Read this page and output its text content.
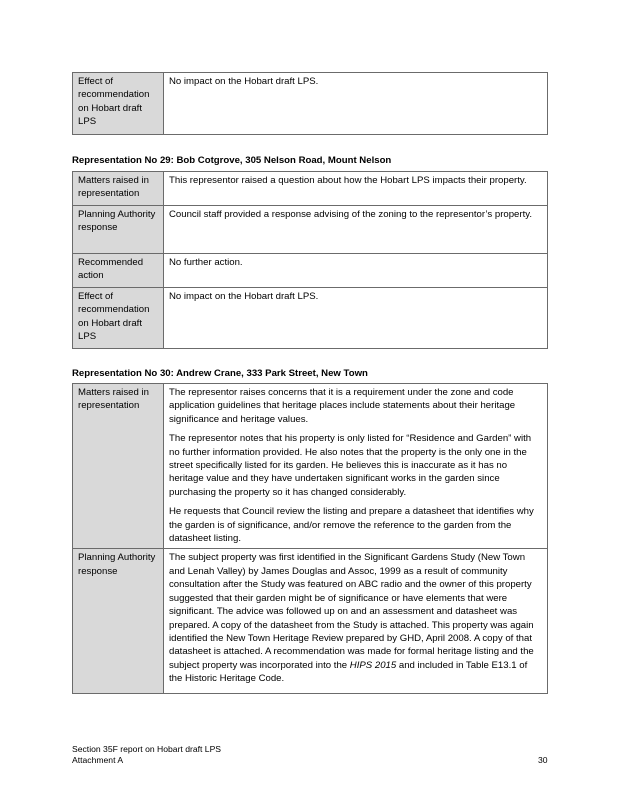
Effect of recommendation on Hobart draft LPS	No impact on the Hobart draft LPS.
Representation No 29: Bob Cotgrove, 305 Nelson Road, Mount Nelson
Matters raised in representation	This representor raised a question about how the Hobart LPS impacts their property.
Planning Authority response	Council staff provided a response advising of the zoning to the representor’s property.
Recommended action	No further action.
Effect of recommendation on Hobart draft LPS	No impact on the Hobart draft LPS.
Representation No 30: Andrew Crane, 333 Park Street, New Town
Matters raised in representation	The representor raises concerns that it is a requirement under the zone and code application guidelines that heritage places include statements about their heritage significance and heritage values.

The representor notes that his property is only listed for “Residence and Garden” with no further information provided. He also notes that the property is the only one in the street specifically listed for its garden. He believes this is inaccurate as it has no heritage value and they have undertaken significant works in the garden since purchasing the property so it has changed considerably.

He requests that Council review the listing and prepare a datasheet that identifies why the garden is of significance, and/or remove the reference to the garden from the datasheet listing.

Planning Authority response	The subject property was first identified in the Significant Gardens Study (New Town and Lenah Valley) by James Douglas and Assoc, 1999 as a result of community consultation after the Study was featured on ABC radio and the owner of this property suggested that their garden might be of significance or have elements that were significant. The advice was followed up on and an assessment and datasheet was prepared. A copy of the datasheet from the Study is attached. This property was again identified the New Town Heritage Review prepared by GHD, April 2008. A copy of that datasheet is attached. A recommendation was made for formal heritage listing and the subject property was incorporated into the HIPS 2015 and included in Table E13.1 of the Historic Heritage Code.
Section 35F report on Hobart draft LPS
Attachment A	30
